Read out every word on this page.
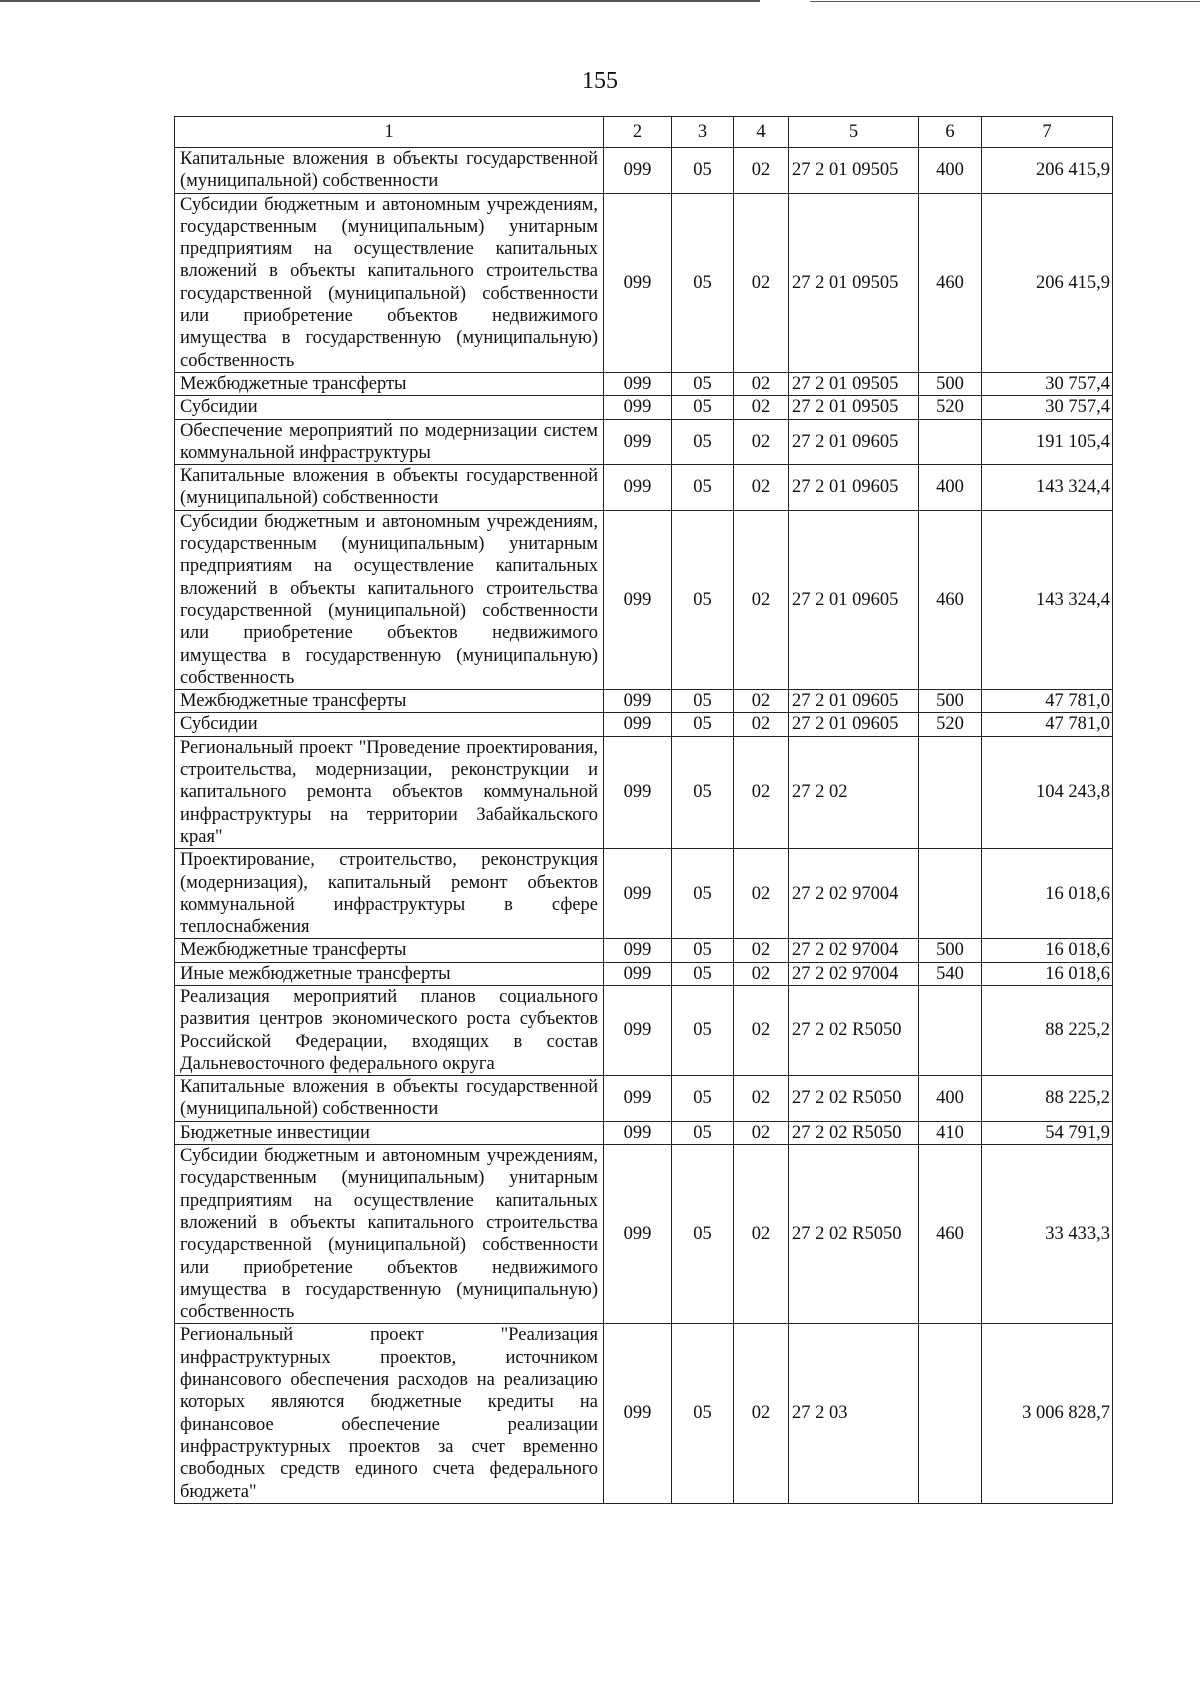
155
1	2	3	4	5	6	7
Капитальные вложения в объекты государственной (муниципальной) собственности	099	05	02	27 2 01 09505	400	206 415,9
Субсидии бюджетным и автономным учреждениям, государственным (муниципальным) унитарным предприятиям на осуществление капитальных вложений в объекты капитального строительства государственной (муниципальной) собственности или приобретение объектов недвижимого имущества в государственную (муниципальную) собственность	099	05	02	27 2 01 09505	460	206 415,9
Межбюджетные трансферты	099	05	02	27 2 01 09505	500	30 757,4
Субсидии	099	05	02	27 2 01 09505	520	30 757,4
Обеспечение мероприятий по модернизации систем коммунальной инфраструктуры	099	05	02	27 2 01 09605		191 105,4
Капитальные вложения в объекты государственной (муниципальной) собственности	099	05	02	27 2 01 09605	400	143 324,4
Субсидии бюджетным и автономным учреждениям, государственным (муниципальным) унитарным предприятиям на осуществление капитальных вложений в объекты капитального строительства государственной (муниципальной) собственности или приобретение объектов недвижимого имущества в государственную (муниципальную) собственность	099	05	02	27 2 01 09605	460	143 324,4
Межбюджетные трансферты	099	05	02	27 2 01 09605	500	47 781,0
Субсидии	099	05	02	27 2 01 09605	520	47 781,0
Региональный проект "Проведение проектирования, строительства, модернизации, реконструкции и капитального ремонта объектов коммунальной инфраструктуры на территории Забайкальского края"	099	05	02	27 2 02		104 243,8
Проектирование, строительство, реконструкция (модернизация), капитальный ремонт объектов коммунальной инфраструктуры в сфере теплоснабжения	099	05	02	27 2 02 97004		16 018,6
Межбюджетные трансферты	099	05	02	27 2 02 97004	500	16 018,6
Иные межбюджетные трансферты	099	05	02	27 2 02 97004	540	16 018,6
Реализация мероприятий планов социального развития центров экономического роста субъектов Российской Федерации, входящих в состав Дальневосточного федерального округа	099	05	02	27 2 02 R5050		88 225,2
Капитальные вложения в объекты государственной (муниципальной) собственности	099	05	02	27 2 02 R5050	400	88 225,2
Бюджетные инвестиции	099	05	02	27 2 02 R5050	410	54 791,9
Субсидии бюджетным и автономным учреждениям, государственным (муниципальным) унитарным предприятиям на осуществление капитальных вложений в объекты капитального строительства государственной (муниципальной) собственности или приобретение объектов недвижимого имущества в государственную (муниципальную) собственность	099	05	02	27 2 02 R5050	460	33 433,3
Региональный проект "Реализация инфраструктурных проектов, источником финансового обеспечения расходов на реализацию которых являются бюджетные кредиты на финансовое обеспечение реализации инфраструктурных проектов за счет временно свободных средств единого счета федерального бюджета"	099	05	02	27 2 03		3 006 828,7
